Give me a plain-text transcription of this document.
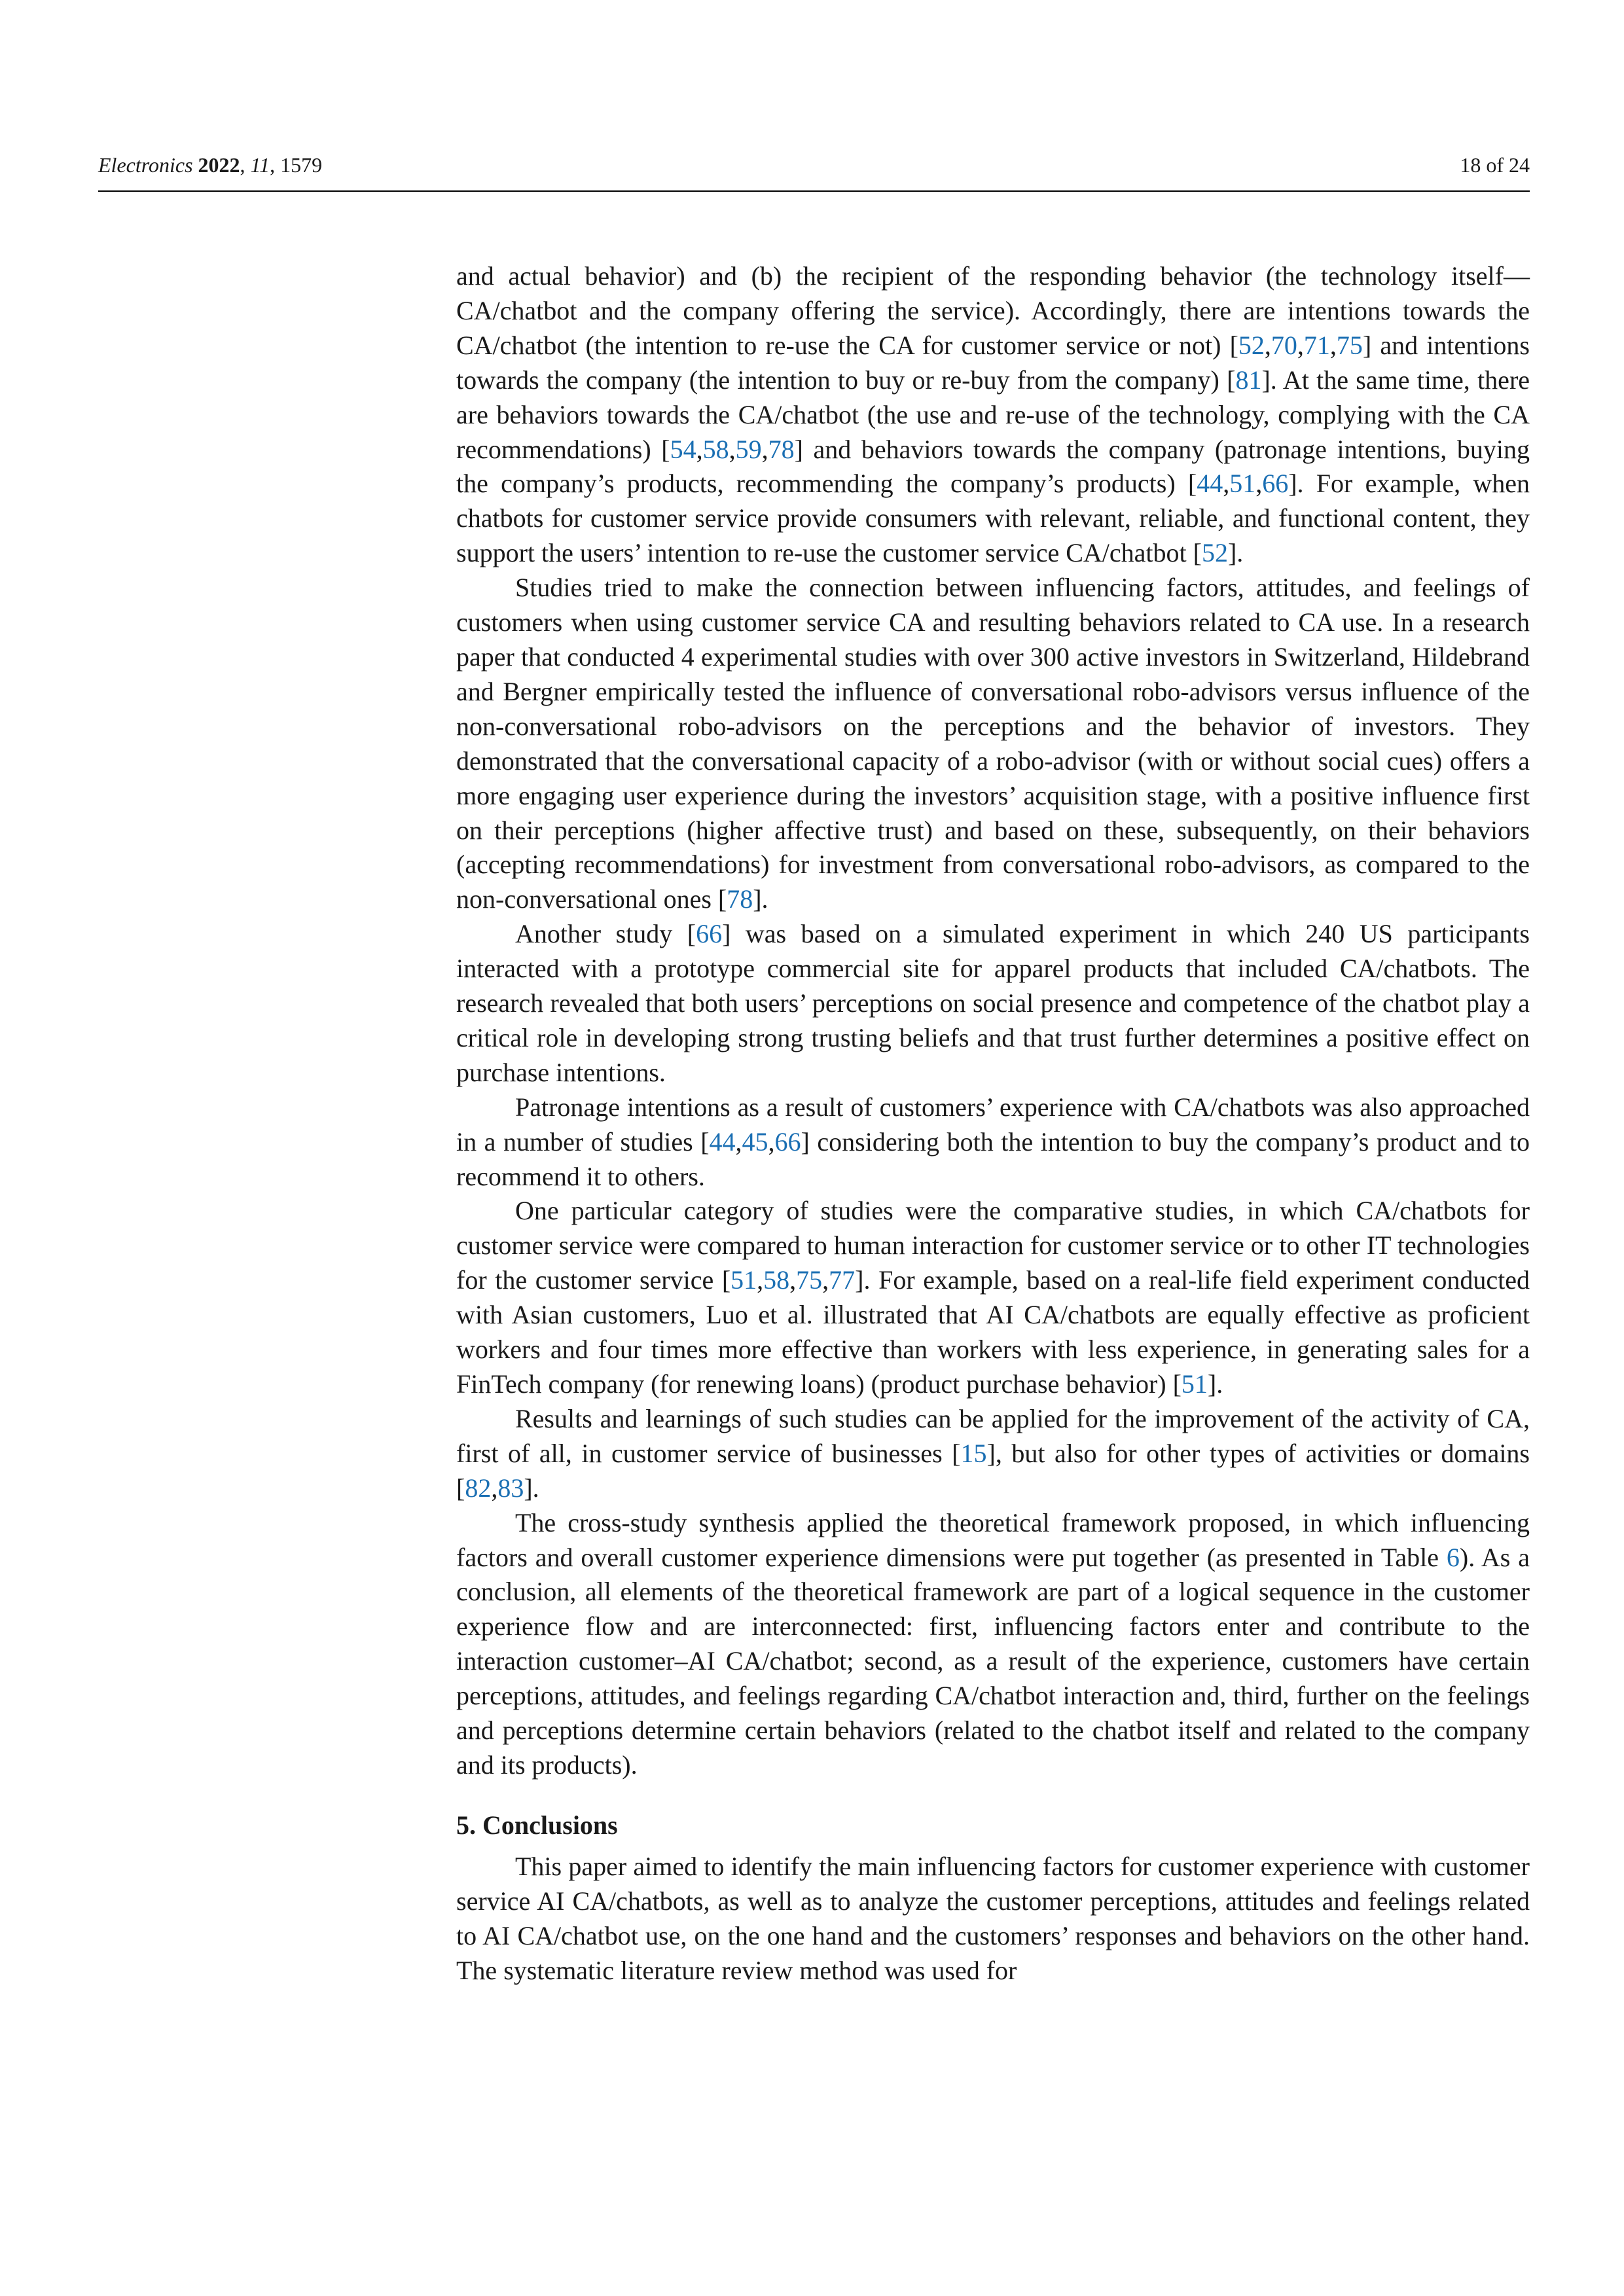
Electronics 2022, 11, 1579	18 of 24

and actual behavior) and (b) the recipient of the responding behavior (the technology itself—CA/chatbot and the company offering the service). Accordingly, there are intentions towards the CA/chatbot (the intention to re-use the CA for customer service or not) [52,70,71,75] and intentions towards the company (the intention to buy or re-buy from the company) [81]. At the same time, there are behaviors towards the CA/chatbot (the use and re-use of the technology, complying with the CA recommendations) [54,58,59,78] and behaviors towards the company (patronage intentions, buying the company’s products, recommending the company’s products) [44,51,66]. For example, when chatbots for customer service provide consumers with relevant, reliable, and functional content, they support the users’ intention to re-use the customer service CA/chatbot [52].

Studies tried to make the connection between influencing factors, attitudes, and feelings of customers when using customer service CA and resulting behaviors related to CA use. In a research paper that conducted 4 experimental studies with over 300 active investors in Switzerland, Hildebrand and Bergner empirically tested the influence of conversational robo-advisors versus influence of the non-conversational robo-advisors on the perceptions and the behavior of investors. They demonstrated that the conversational capacity of a robo-advisor (with or without social cues) offers a more engaging user experience during the investors’ acquisition stage, with a positive influence first on their perceptions (higher affective trust) and based on these, subsequently, on their behaviors (accepting recommendations) for investment from conversational robo-advisors, as compared to the non-conversational ones [78].

Another study [66] was based on a simulated experiment in which 240 US participants interacted with a prototype commercial site for apparel products that included CA/chatbots. The research revealed that both users’ perceptions on social presence and competence of the chatbot play a critical role in developing strong trusting beliefs and that trust further determines a positive effect on purchase intentions.

Patronage intentions as a result of customers’ experience with CA/chatbots was also approached in a number of studies [44,45,66] considering both the intention to buy the company’s product and to recommend it to others.

One particular category of studies were the comparative studies, in which CA/chatbots for customer service were compared to human interaction for customer service or to other IT technologies for the customer service [51,58,75,77]. For example, based on a real-life field experiment conducted with Asian customers, Luo et al. illustrated that AI CA/chatbots are equally effective as proficient workers and four times more effective than workers with less experience, in generating sales for a FinTech company (for renewing loans) (product purchase behavior) [51].

Results and learnings of such studies can be applied for the improvement of the activity of CA, first of all, in customer service of businesses [15], but also for other types of activities or domains [82,83].

The cross-study synthesis applied the theoretical framework proposed, in which influencing factors and overall customer experience dimensions were put together (as presented in Table 6). As a conclusion, all elements of the theoretical framework are part of a logical sequence in the customer experience flow and are interconnected: first, influencing factors enter and contribute to the interaction customer–AI CA/chatbot; second, as a result of the experience, customers have certain perceptions, attitudes, and feelings regarding CA/chatbot interaction and, third, further on the feelings and perceptions determine certain behaviors (related to the chatbot itself and related to the company and its products).

5. Conclusions

This paper aimed to identify the main influencing factors for customer experience with customer service AI CA/chatbots, as well as to analyze the customer perceptions, attitudes and feelings related to AI CA/chatbot use, on the one hand and the customers’ responses and behaviors on the other hand. The systematic literature review method was used for
